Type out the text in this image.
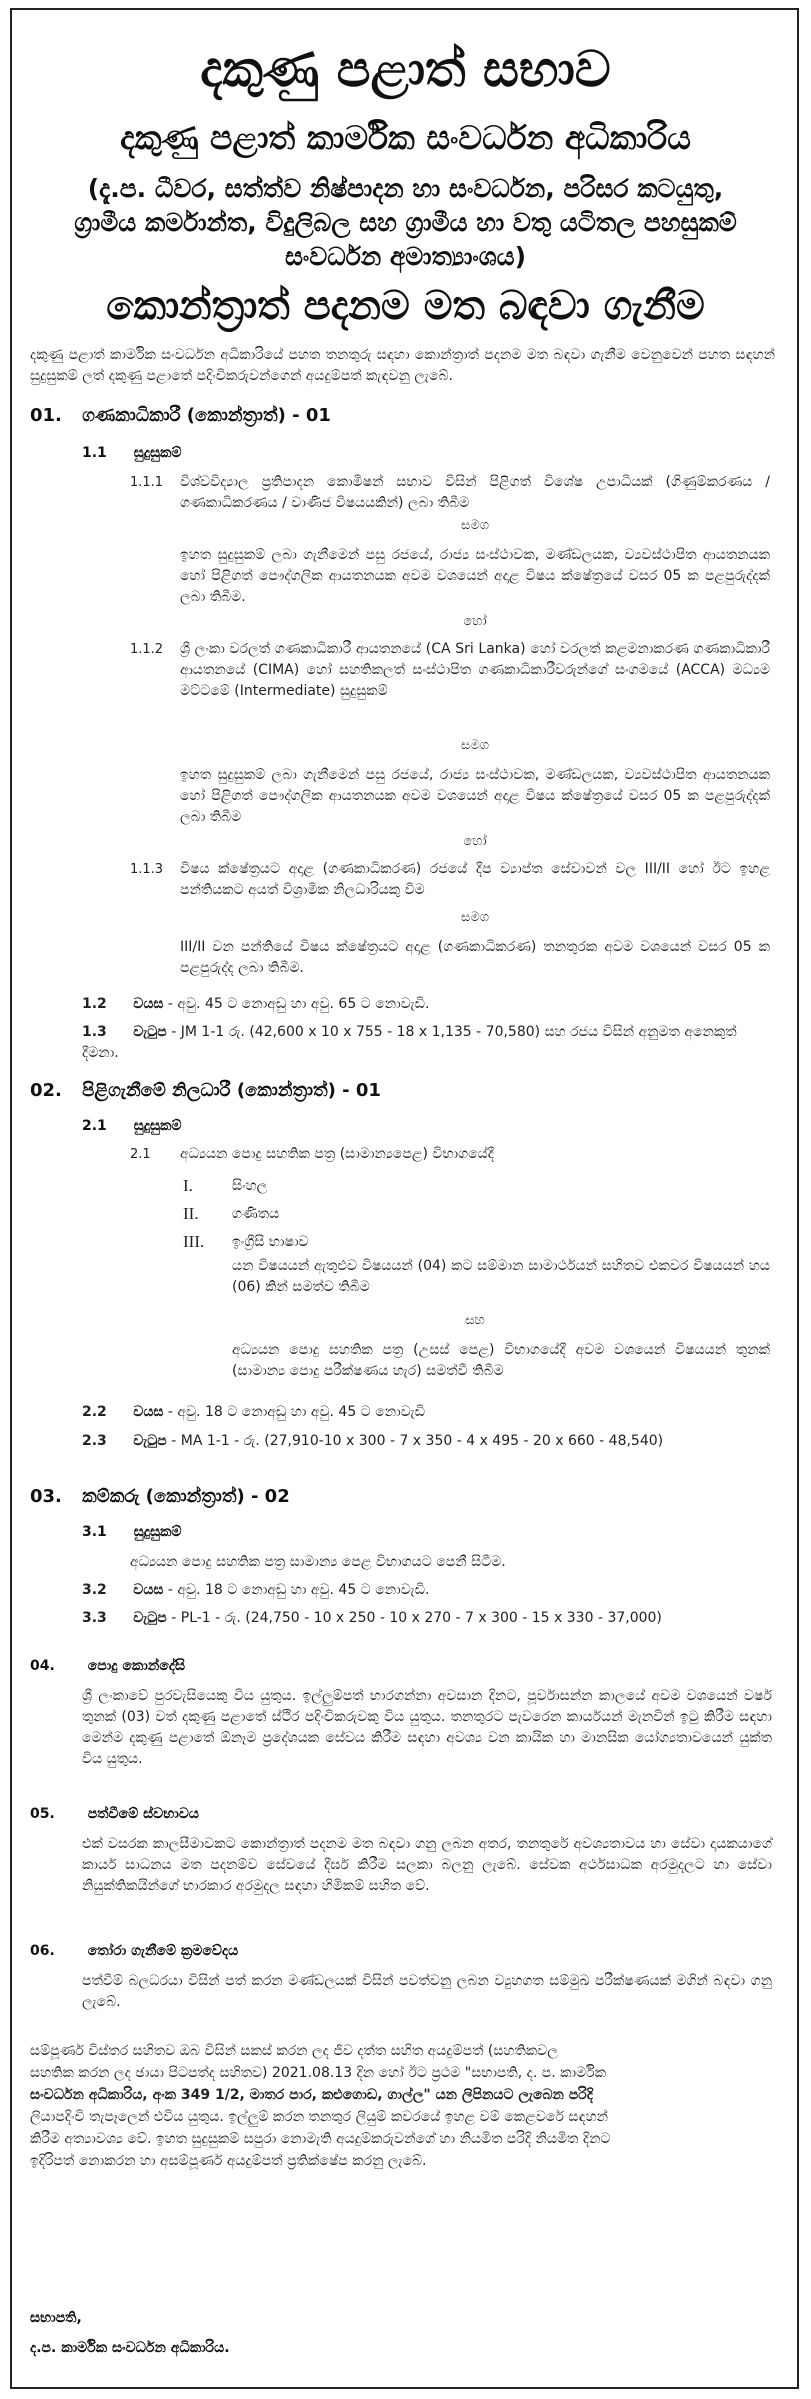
දකුණු පළාත් සභාව
දකුණු පළාත් කාර්මික සංවර්ධන අධිකාරිය
(දැ.ප. ධීවර, සත්ත්ව නිෂ්පාදන හා සංවර්ධන, පරිසර කටයුතු,
ග්‍රාමීය කර්මාන්ත, විදුලිබල සහ ග්‍රාමීය හා වතු යටිතල පහසුකම්
සංවර්ධන අමාත්‍යාංශය)
කොන්ත්‍රාත් පදනම මත බඳවා ගැනීම
දකුණු පළාත් කාර්මික සංවර්ධන අධිකාරියේ පහත තනතුරු සඳහා කොන්ත්‍රාත් පදනම මත බඳවා ගැනීම වෙනුවෙන් පහත සඳහන් සුදුසුකම් ලත් දකුණු පළාතේ පදිංචිකරුවන්ගෙන් අයදුම්පත් කැඳවනු ලැබේ.
01. ගණකාධිකාරී (කොන්ත්‍රාත්) - 01
1.1 සුදුසුකම්
1.1.1 විශ්වවිද්‍යාල ප්‍රතිපාදන කොමිෂන් සභාව විසින් පිළිගත් විශේෂ උපාධියක් (ගිණුම්කරණය / ගණකාධිකරණය / වාණිජ විෂයයකින්) ලබා තිබීම
සමග
ඉහත සුදුසුකම් ලබා ගැනීමෙන් පසු රජයේ, රාජ්‍ය සංස්ථාවක, මණ්ඩලයක, ව්‍යවස්ථාපිත ආයතනයක හෝ පිළිගත් පෞද්ගලික ආයතනයක අවම වශයෙන් අදාළ විෂය ක්ෂේත්‍රයේ වසර 05 ක පළපුරුද්දක් ලබා තිබීම.
හෝ
1.1.2 ශ්‍රී ලංකා වරලත් ගණකාධිකාරී ආයතනයේ (CA Sri Lanka) හෝ වරලත් කළමනාකරණ ගණකාධිකාරී ආයතනයේ (CIMA) හෝ සහතිකලත් සංස්ථාපිත ගණකාධිකාරීවරුන්ගේ සංගමයේ (ACCA) මධ්‍යම මට්ටමේ (Intermediate) සුදුසුකම්
සමග
ඉහත සුදුසුකම් ලබා ගැනීමෙන් පසු රජයේ, රාජ්‍ය සංස්ථාවක, මණ්ඩලයක, ව්‍යවස්ථාපිත ආයතනයක හෝ පිළිගත් පෞද්ගලික ආයතනයක අවම වශයෙන් අදාළ විෂය ක්ෂේත්‍රයේ වසර 05 ක පළපුරුද්දක් ලබා තිබීම
හෝ
1.1.3 විෂය ක්ෂේත්‍රයට අදාළ (ගණකාධිකරණ) රජයේ දීප ව්‍යාප්ත සේවාවන් වල III/II හෝ ඊට ඉහළ පන්තියකට අයත් විශ්‍රාමික නිලධාරියකු විම
සමග
III/II වන පන්තියේ විෂය ක්ෂේත්‍රයට අදාළ (ගණකාධිකරණ) තනතුරක අවම වශයෙන් වසර 05 ක පළපුරුද්ද ලබා තිබීම.
1.2 වයස - අවු. 45 ට නොඅඩු හා අවු. 65 ට නොවැඩි.
1.3 වැටුප - JM 1-1 රු. (42,600 x 10 x 755 - 18 x 1,135 - 70,580) සහ රජය විසින් අනුමත අනෙකුත් දීමනා.
02. පිළිගැනීමේ නිලධාරී (කොන්ත්‍රාත්) - 01
2.1 සුදුසුකම්
2.1 අධ්‍යයන පොදු සහතික පත්‍ර (සාමාන්‍යපෙළ) විභාගයේදී
I.	සිංහල
II. ගණිතය
III. ඉංග්‍රීසි භාෂාව
යන විෂයයන් ඇතුළුව විෂයයන් (04) කට සම්මාන සාමාර්ථයන් සහිතව එකවර විෂයයන් හය (06) කින් සමත්ව තිබීම
සහ
අධ්‍යයන පොදු සහතික පත්‍ර (උසස් පෙළ) විභාගයේදී අවම වශයෙන් විෂයයන් තුනක් (සාමාන්‍ය පොදු පරීක්ෂණය හැර) සමත්වී තිබීම
2.2 වයස - අවු. 18 ට නොඅඩු හා අවු. 45 ට නොවැඩි
2.3 වැටුප - MA 1-1 - රු. (27,910-10 x 300 - 7 x 350 - 4 x 495 - 20 x 660 - 48,540)
03. කම්කරු (කොන්ත්‍රාත්) - 02
3.1 සුදුසුකම්
අධ්‍යයන පොදු සහතික පත්‍ර සාමාන්‍ය පෙළ විභාගයට පෙනී සිටීම.
3.2 වයස - අවු. 18 ට නොඅඩු හා අවු. 45 ට නොවැඩි.
3.3 වැටුප - PL-1 - රු. (24,750 - 10 x 250 - 10 x 270 - 7 x 300 - 15 x 330 - 37,000)
04. පොදු කොන්දේසි
ශ්‍රී ලංකාවේ පුරවැසියෙකු විය යුතුය. ඉල්ලුම්පත් භාරගන්නා අවසාන දිනට, පූර්වාසන්න කාලයේ අවම වශයෙන් වර්ෂ තුනක් (03) වත් දකුණු පළාතේ ස්ථිර පදිංචිකරුවකු විය යුතුය. තනතුරට පැවරෙන කාර්යයන් මැනවින් ඉටු කිරීම සඳහා මෙන්ම දකුණු පළාතේ ඕනෑම ප්‍රදේශයක සේවය කිරීම සඳහා අවශ්‍ය වන කායික හා මානසික යෝග්‍යතාවයෙන් යුක්ත විය යුතුය.
05. පත්වීමේ ස්වභාවය
එක් වසරක කාලසීමාවකට කොන්ත්‍රාත් පදනම මත බඳවා ගනු ලබන අතර, තනතුරේ අවශ්‍යතාවය හා සේවා දායකයාගේ කාර්ය සාධනය මත පදනම්ව සේවයේ දීර්ඝ කිරීම සලකා බලනු ලැබේ. සේවක අර්ථසාධක අරමුදලට හා සේවා නියුක්තිකයින්ගේ භාරකාර අරමුදල සඳහා හිමිකම් සහිත වේ.
06. තෝරා ගැනීමේ ක්‍රමවේදය
පත්වීම් බලධරයා විසින් පත් කරන මණ්ඩලයක් විසින් පවත්වනු ලබන ව්‍යුහගත සම්මුඛ පරීක්ෂණයක් මගින් බඳවා ගනු ලැබේ.
සම්පූර්ණ විස්තර සහිතව ඔබ විසින් සකස් කරන ලද ජීව දත්ත සහිත අයදුම්පත් (සහතිකවල
සහතික කරන ලද ඡායා පිටපත්ද සහිතව) 2021.08.13 දින හෝ ඊට ප්‍රථම "සභාපති, ද. ප. කාර්මික
සංවර්ධන අධිකාරිය, අංක 349 1/2, මාතර පාර, කළුගොඩ, ගාල්ල" යන ලිපිනයට ලැබෙන පරිදි
ලියාපදිංචි තැපෑලෙන් එවිය යුතුය. ඉල්ලුම් කරන තනතුර ලියුම් කවරයේ ඉහළ වම් කෙළවරේ සඳහන්
කිරීම අත්‍යාවශ්‍ය වේ. ඉහත සුදුසුකම් සපුරා නොමැති අයදුම්කරුවන්ගේ හා නියමිත පරිදි නියමිත දිනට
ඉදිරිපත් නොකරන හා අසම්පූර්ණ අයදුම්පත් ප්‍රතික්ෂේප කරනු ලැබේ.
සභාපති,
ද.ප. කාර්මික සංවර්ධන අධිකාරිය.
